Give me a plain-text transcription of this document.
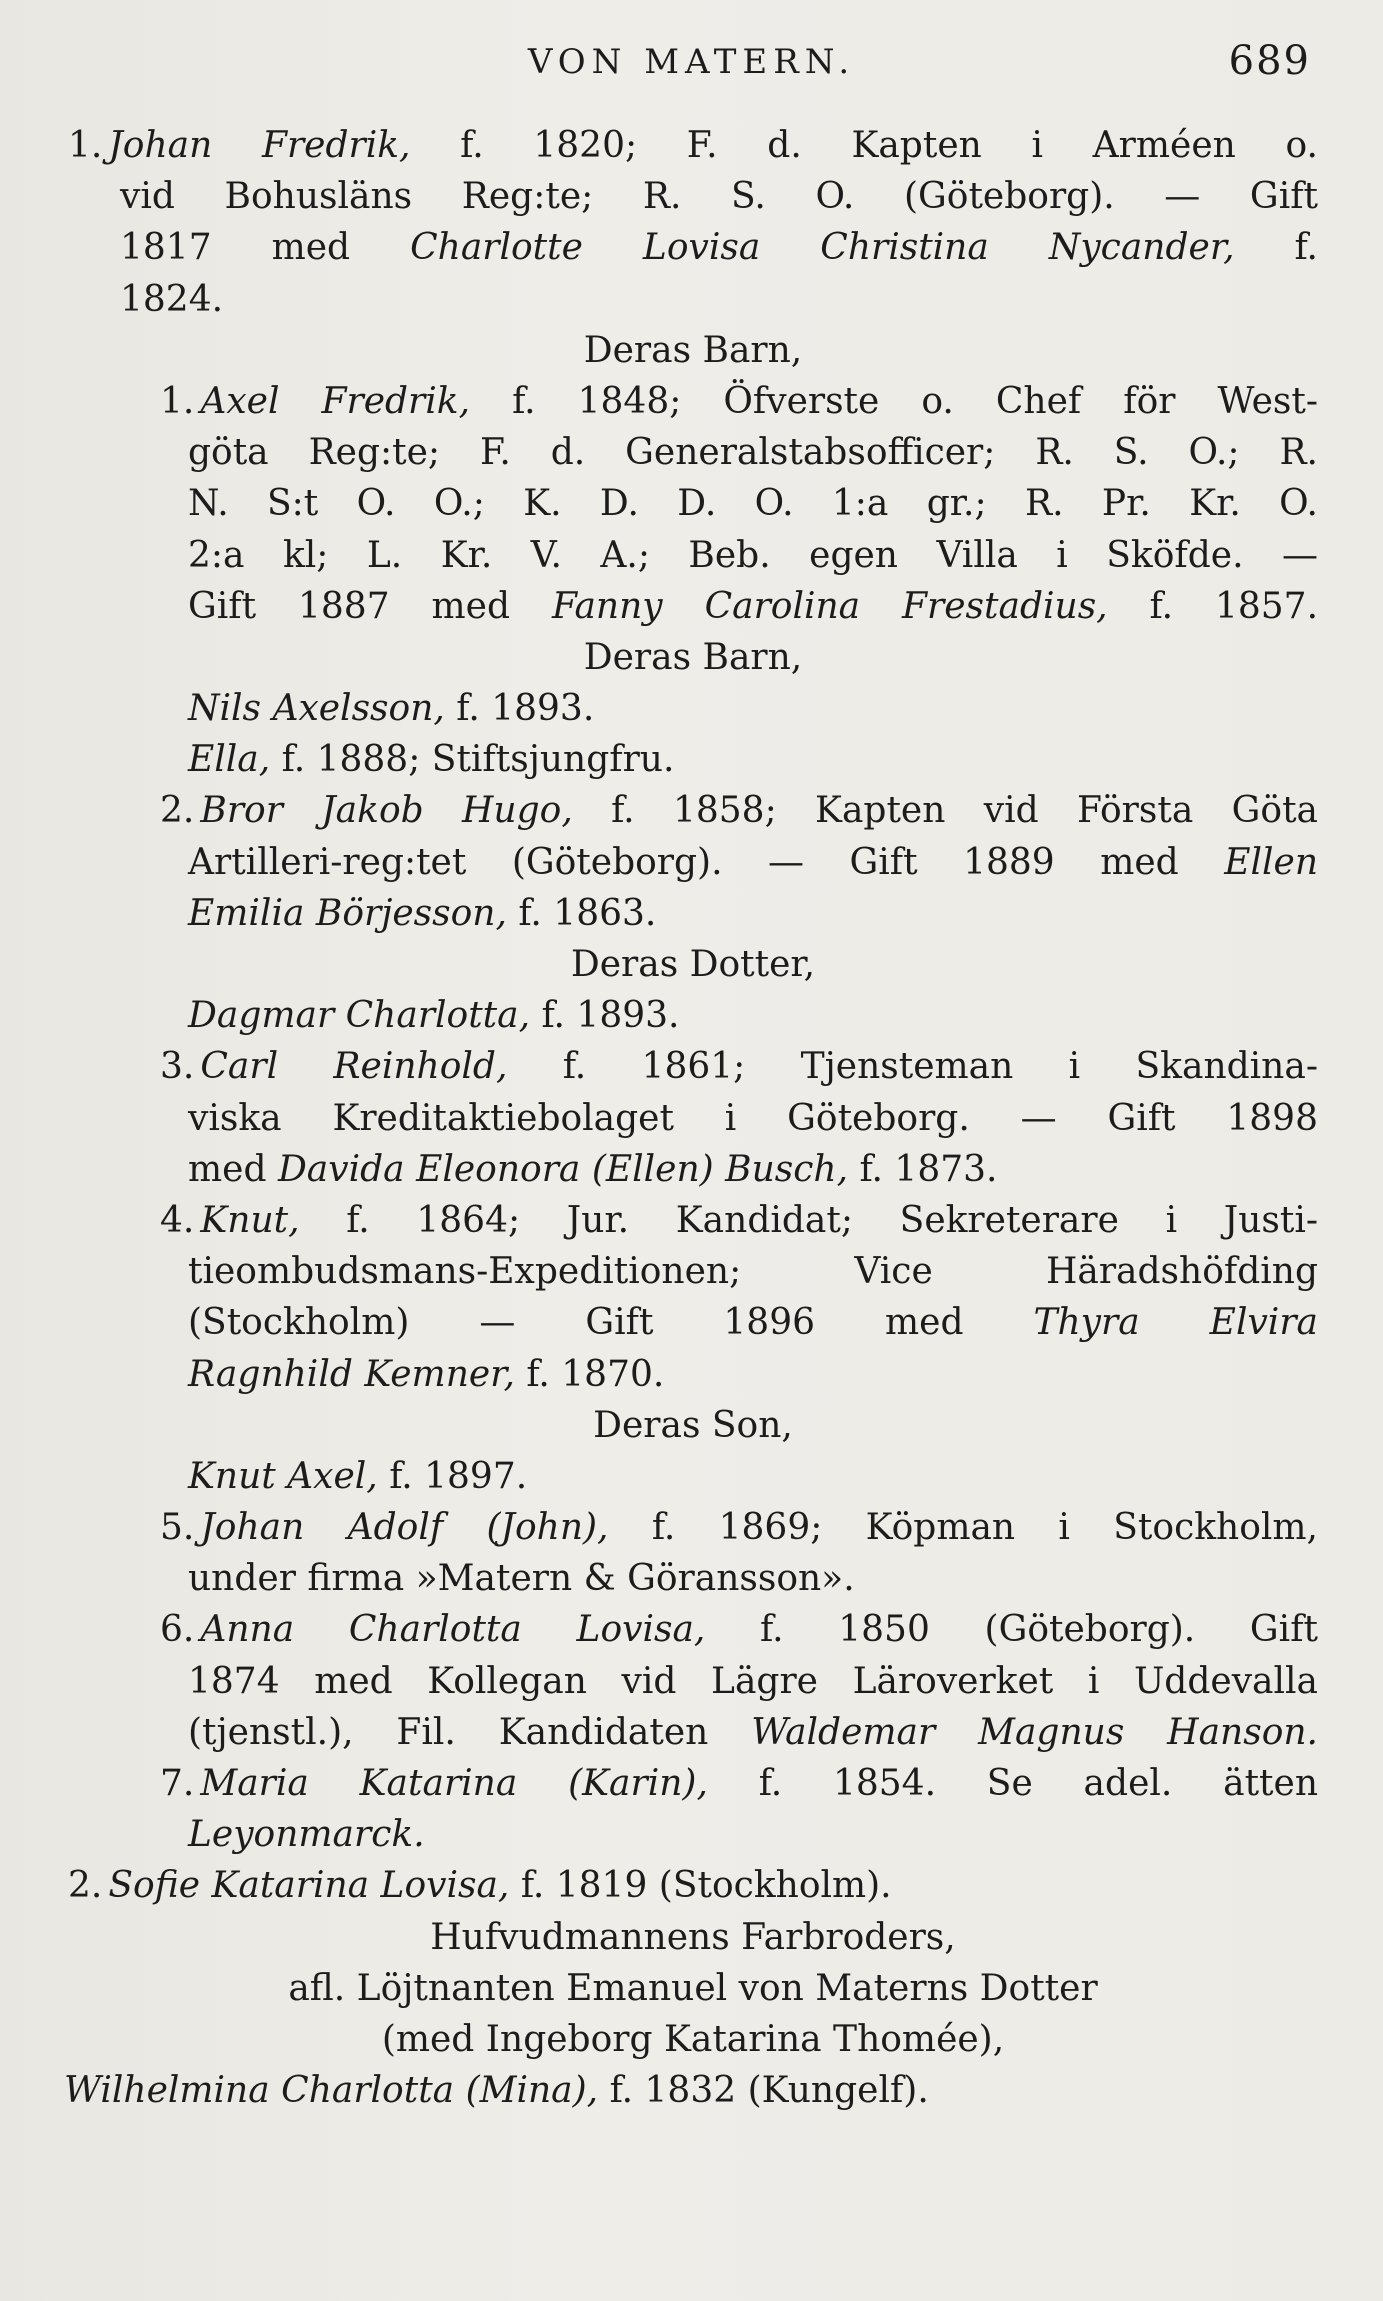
VON MATERN.	689
1. Johan Fredrik, f. 1820; F. d. Kapten i Arméen o.
vid Bohusläns Reg:te; R. S. O. (Göteborg). — Gift
1817 med Charlotte Lovisa Christina Nycander, f.
1824.
Deras Barn,
1. Axel Fredrik, f. 1848; Öfverste o. Chef för West-
göta Reg:te; F. d. Generalstabsofficer; R. S. O.; R.
N. S:t O. O.; K. D. D. O. 1:a gr.; R. Pr. Kr. O.
2:a kl; L. Kr. V. A.; Beb. egen Villa i Sköfde. —
Gift 1887 med Fanny Carolina Frestadius, f. 1857.
Deras Barn,
Nils Axelsson, f. 1893.
Ella, f. 1888; Stiftsjungfru.
2. Bror Jakob Hugo, f. 1858; Kapten vid Första Göta
Artilleri-reg:tet (Göteborg). — Gift 1889 med Ellen
Emilia Börjesson, f. 1863.
Deras Dotter,
Dagmar Charlotta, f. 1893.
3. Carl Reinhold, f. 1861; Tjensteman i Skandina-
viska Kreditaktiebolaget i Göteborg. — Gift 1898
med Davida Eleonora (Ellen) Busch, f. 1873.
4. Knut, f. 1864; Jur. Kandidat; Sekreterare i Justi-
tieombudsmans-Expeditionen; Vice Häradshöfding
(Stockholm) — Gift 1896 med Thyra Elvira
Ragnhild Kemner, f. 1870.
Deras Son,
Knut Axel, f. 1897.
5. Johan Adolf (John), f. 1869; Köpman i Stockholm,
under firma »Matern & Göransson».
6. Anna Charlotta Lovisa, f. 1850 (Göteborg). Gift
1874 med Kollegan vid Lägre Läroverket i Uddevalla
(tjenstl.), Fil. Kandidaten Waldemar Magnus Hanson.
7. Maria Katarina (Karin), f. 1854. Se adel. ätten
Leyonmarck.
2. Sofie Katarina Lovisa, f. 1819 (Stockholm).
Hufvudmannens Farbroders,
afl. Löjtnanten Emanuel von Materns Dotter
(med Ingeborg Katarina Thomée),
Wilhelmina Charlotta (Mina), f. 1832 (Kungelf).
